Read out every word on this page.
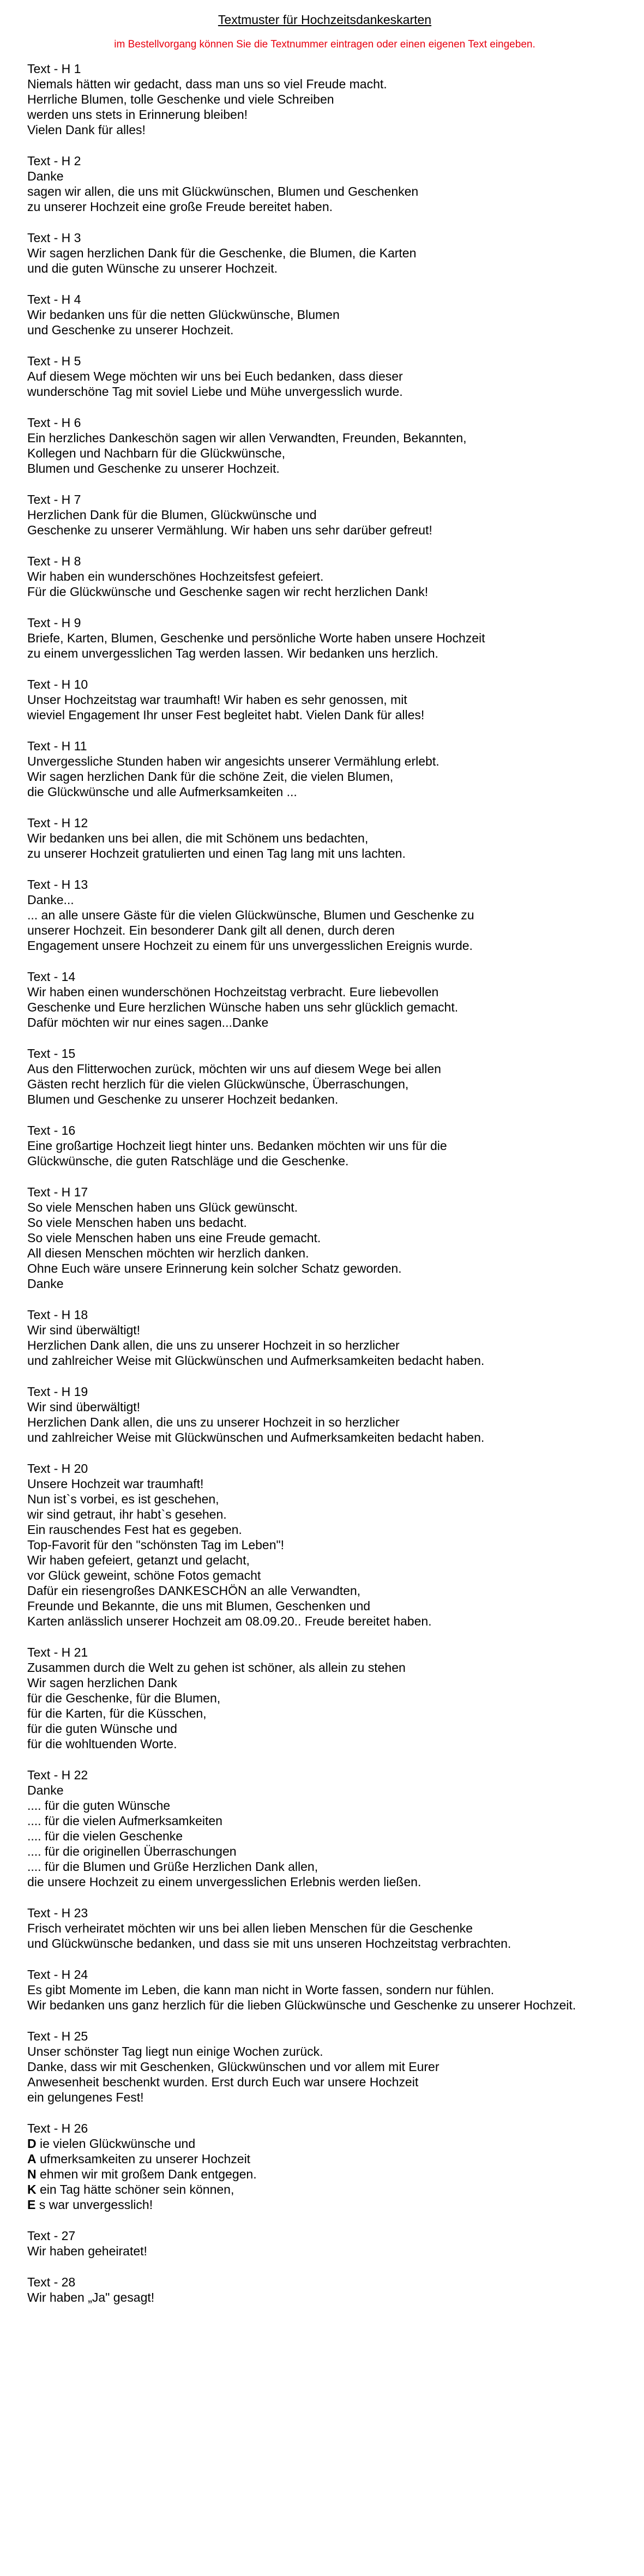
Textmuster für Hochzeitsdankeskarten
im Bestellvorgang können Sie die Textnummer eintragen oder einen eigenen Text eingeben.
Text - H 1
Niemals hätten wir gedacht, dass man uns so viel Freude macht.
Herrliche Blumen, tolle Geschenke und viele Schreiben
werden uns stets in Erinnerung bleiben!
Vielen Dank für alles!
Text - H 2
Danke
sagen wir allen, die uns mit Glückwünschen, Blumen und Geschenken
zu unserer Hochzeit eine große Freude bereitet haben.
Text - H 3
Wir sagen herzlichen Dank für die Geschenke, die Blumen, die Karten
und die guten Wünsche zu unserer Hochzeit.
Text - H 4
Wir bedanken uns für die netten Glückwünsche, Blumen
und Geschenke zu unserer Hochzeit.
Text - H 5
Auf diesem Wege möchten wir uns bei Euch bedanken, dass dieser
wunderschöne Tag mit soviel Liebe und Mühe unvergesslich wurde.
Text - H 6
Ein herzliches Dankeschön sagen wir allen Verwandten, Freunden, Bekannten,
Kollegen und Nachbarn für die Glückwünsche,
Blumen und Geschenke zu unserer Hochzeit.
Text - H 7
Herzlichen Dank für die Blumen, Glückwünsche und
Geschenke zu unserer Vermählung. Wir haben uns sehr darüber gefreut!
Text - H 8
Wir haben ein wunderschönes Hochzeitsfest gefeiert.
Für die Glückwünsche und Geschenke sagen wir recht herzlichen Dank!
Text - H 9
Briefe, Karten, Blumen, Geschenke und persönliche Worte haben unsere Hochzeit
zu einem unvergesslichen Tag werden lassen. Wir bedanken uns herzlich.
Text - H 10
Unser Hochzeitstag war traumhaft! Wir haben es sehr genossen, mit
wieviel Engagement Ihr unser Fest begleitet habt. Vielen Dank für alles!
Text - H 11
Unvergessliche Stunden haben wir angesichts unserer Vermählung erlebt.
Wir sagen herzlichen Dank für die schöne Zeit, die vielen Blumen,
die Glückwünsche und alle Aufmerksamkeiten ...
Text - H 12
Wir bedanken uns bei allen, die mit Schönem uns bedachten,
zu unserer Hochzeit gratulierten und einen Tag lang mit uns lachten.
Text - H 13
Danke...
... an alle unsere Gäste für die vielen Glückwünsche, Blumen und Geschenke zu
unserer Hochzeit. Ein besonderer Dank gilt all denen, durch deren
Engagement unsere Hochzeit zu einem für uns unvergesslichen Ereignis wurde.
Text - 14
Wir haben einen wunderschönen Hochzeitstag verbracht. Eure liebevollen
Geschenke und Eure herzlichen Wünsche haben uns sehr glücklich gemacht.
Dafür möchten wir nur eines sagen...Danke
Text - 15
Aus den Flitterwochen zurück, möchten wir uns auf diesem Wege bei allen
Gästen recht herzlich für die vielen Glückwünsche, Überraschungen,
Blumen und Geschenke zu unserer Hochzeit bedanken.
Text - 16
Eine großartige Hochzeit liegt hinter uns. Bedanken möchten wir uns für die
Glückwünsche, die guten Ratschläge und die Geschenke.
Text - H 17
So viele Menschen haben uns Glück gewünscht.
So viele Menschen haben uns bedacht.
So viele Menschen haben uns eine Freude gemacht.
All diesen Menschen möchten wir herzlich danken.
Ohne Euch wäre unsere Erinnerung kein solcher Schatz geworden.
Danke
Text - H 18
Wir sind überwältigt!
Herzlichen Dank allen, die uns zu unserer Hochzeit in so herzlicher
und zahlreicher Weise mit Glückwünschen und Aufmerksamkeiten bedacht haben.
Text - H 19
Wir sind überwältigt!
Herzlichen Dank allen, die uns zu unserer Hochzeit in so herzlicher
und zahlreicher Weise mit Glückwünschen und Aufmerksamkeiten bedacht haben.
Text - H 20
Unsere Hochzeit war traumhaft!
Nun ist`s vorbei, es ist geschehen,
wir sind getraut, ihr habt`s gesehen.
Ein rauschendes Fest hat es gegeben.
Top-Favorit für den "schönsten Tag im Leben"!
Wir haben gefeiert, getanzt und gelacht,
vor Glück geweint, schöne Fotos gemacht
Dafür ein riesengroßes DANKESCHÖN an alle Verwandten,
Freunde und Bekannte, die uns mit Blumen, Geschenken und
Karten anlässlich unserer Hochzeit am 08.09.20.. Freude bereitet haben.
Text - H 21
Zusammen durch die Welt zu gehen ist schöner, als allein zu stehen
Wir sagen herzlichen Dank
für die Geschenke, für die Blumen,
für die Karten, für die Küsschen,
für die guten Wünsche und
für die wohltuenden Worte.
Text - H 22
Danke
.... für die guten Wünsche
.... für die vielen Aufmerksamkeiten
.... für die vielen Geschenke
.... für die originellen Überraschungen
.... für die Blumen und Grüße Herzlichen Dank allen,
die unsere Hochzeit zu einem unvergesslichen Erlebnis werden ließen.
Text - H 23
Frisch verheiratet möchten wir uns bei allen lieben Menschen für die Geschenke
und Glückwünsche bedanken, und dass sie mit uns unseren Hochzeitstag verbrachten.
Text - H 24
Es gibt Momente im Leben, die kann man nicht in Worte fassen, sondern nur fühlen.
Wir bedanken uns ganz herzlich für die lieben Glückwünsche und Geschenke zu unserer Hochzeit.
Text - H 25
Unser schönster Tag liegt nun einige Wochen zurück.
Danke, dass wir mit Geschenken, Glückwünschen und vor allem mit Eurer
Anwesenheit beschenkt wurden. Erst durch Euch war unsere Hochzeit
ein gelungenes Fest!
Text - H 26
D ie vielen Glückwünsche und
A ufmerksamkeiten zu unserer Hochzeit
N ehmen wir mit großem Dank entgegen.
K ein Tag hätte schöner sein können,
E s war unvergesslich!
Text - 27
Wir haben geheiratet!
Text - 28
Wir haben „Ja" gesagt!
